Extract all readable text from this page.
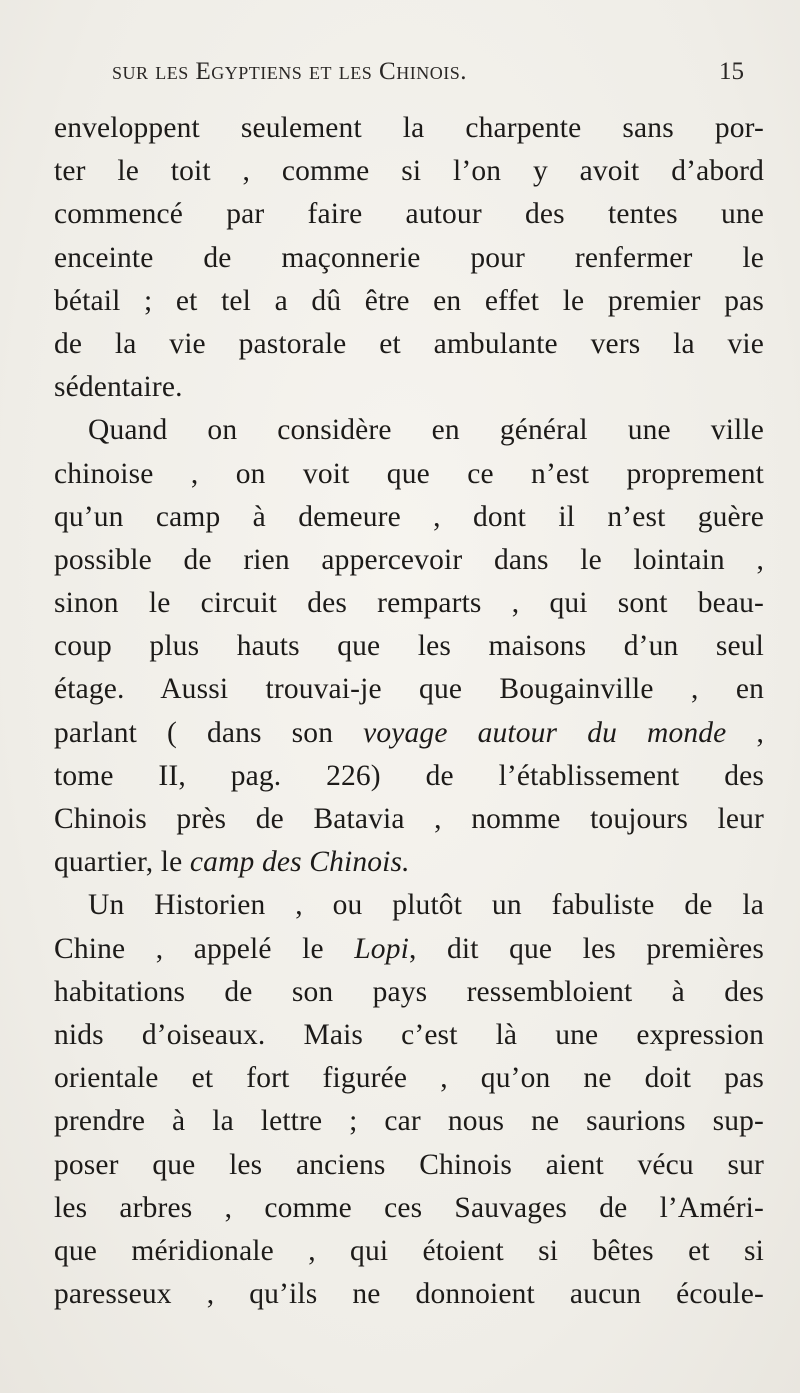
sur les Egyptiens et les Chinois.	15
enveloppent seulement la charpente sans por-
ter le toit , comme si l’on y avoit d’abord
commencé par faire autour des tentes une
enceinte de maçonnerie pour renfermer le
bétail ; et tel a dû être en effet le premier pas
de la vie pastorale et ambulante vers la vie
sédentaire.
Quand on considère en général une ville
chinoise , on voit que ce n’est proprement
qu’un camp à demeure , dont il n’est guère
possible de rien appercevoir dans le lointain ,
sinon le circuit des remparts , qui sont beau-
coup plus hauts que les maisons d’un seul
étage. Aussi trouvai-je que Bougainville , en
parlant ( dans son voyage autour du monde ,
tome II, pag. 226) de l’établissement des
Chinois près de Batavia , nomme toujours leur
quartier, le camp des Chinois.
Un Historien , ou plutôt un fabuliste de la
Chine , appelé le Lopi, dit que les premières
habitations de son pays ressembloient à des
nids d’oiseaux. Mais c’est là une expression
orientale et fort figurée , qu’on ne doit pas
prendre à la lettre ; car nous ne saurions sup-
poser que les anciens Chinois aient vécu sur
les arbres , comme ces Sauvages de l’Améri-
que méridionale , qui étoient si bêtes et si
paresseux , qu’ils ne donnoient aucun écoule-
